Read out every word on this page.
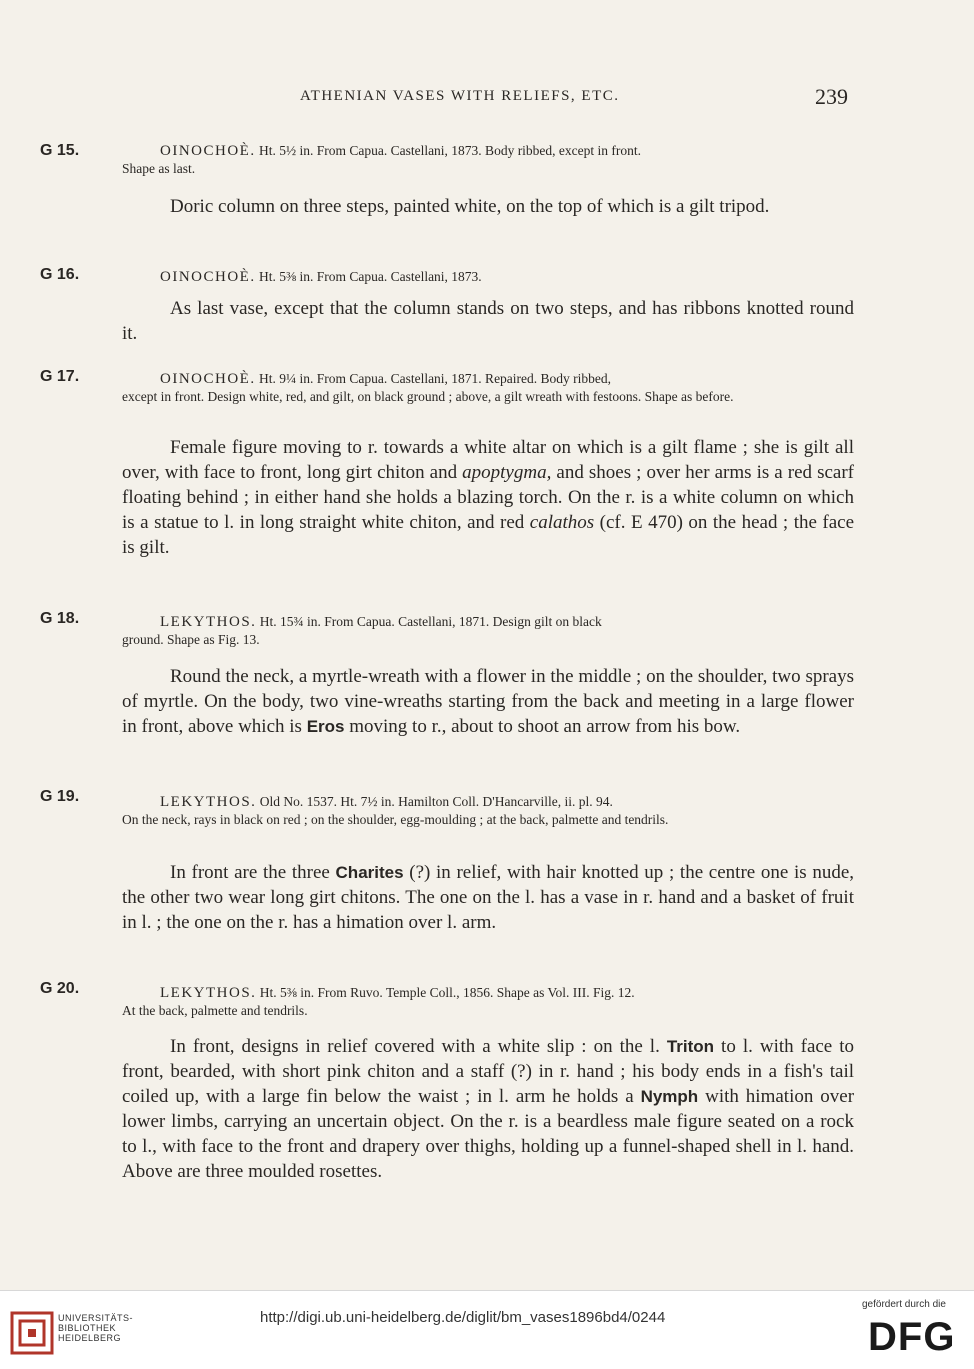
ATHENIAN VASES WITH RELIEFS, ETC.	239
G 15.	OINOCHOÈ. Ht. 5½ in. From Capua. Castellani, 1873. Body ribbed, except in front.
Shape as last.

Doric column on three steps, painted white, on the top of which is a gilt tripod.

G 16.	OINOCHOÈ. Ht. 5⅜ in. From Capua. Castellani, 1873.

As last vase, except that the column stands on two steps, and has ribbons knotted round it.

G 17.	OINOCHOÈ. Ht. 9¼ in. From Capua. Castellani, 1871. Repaired. Body ribbed,
except in front. Design white, red, and gilt, on black ground ; above, a gilt wreath with festoons. Shape as before.

Female figure moving to r. towards a white altar on which is a gilt flame ; she is gilt all over, with face to front, long girt chiton and apoptygma, and shoes ; over her arms is a red scarf floating behind ; in either hand she holds a blazing torch. On the r. is a white column on which is a statue to l. in long straight white chiton, and red calathos (cf. E 470) on the head ; the face is gilt.

G 18.	LEKYTHOS. Ht. 15¾ in. From Capua. Castellani, 1871. Design gilt on black
ground. Shape as Fig. 13.

Round the neck, a myrtle-wreath with a flower in the middle ; on the shoulder, two sprays of myrtle. On the body, two vine-wreaths starting from the back and meeting in a large flower in front, above which is Eros moving to r., about to shoot an arrow from his bow.

G 19.	LEKYTHOS. Old No. 1537. Ht. 7½ in. Hamilton Coll. D'Hancarville, ii. pl. 94.
On the neck, rays in black on red ; on the shoulder, egg-moulding ; at the back, palmette and tendrils.

In front are the three Charites (?) in relief, with hair knotted up ; the centre one is nude, the other two wear long girt chitons. The one on the l. has a vase in r. hand and a basket of fruit in l. ; the one on the r. has a himation over l. arm.

G 20.	LEKYTHOS. Ht. 5⅜ in. From Ruvo. Temple Coll., 1856. Shape as Vol. III. Fig. 12.
At the back, palmette and tendrils.

In front, designs in relief covered with a white slip : on the l. Triton to l. with face to front, bearded, with short pink chiton and a staff (?) in r. hand ; his body ends in a fish's tail coiled up, with a large fin below the waist ; in l. arm he holds a Nymph with himation over lower limbs, carrying an uncertain object. On the r. is a beardless male figure seated on a rock to l., with face to the front and drapery over thighs, holding up a funnel-shaped shell in l. hand. Above are three moulded rosettes.

UNIVERSITÄTS-
BIBLIOTHEK
HEIDELBERG
http://digi.ub.uni-heidelberg.de/diglit/bm_vases1896bd4/0244
gefördert durch die
DFG
